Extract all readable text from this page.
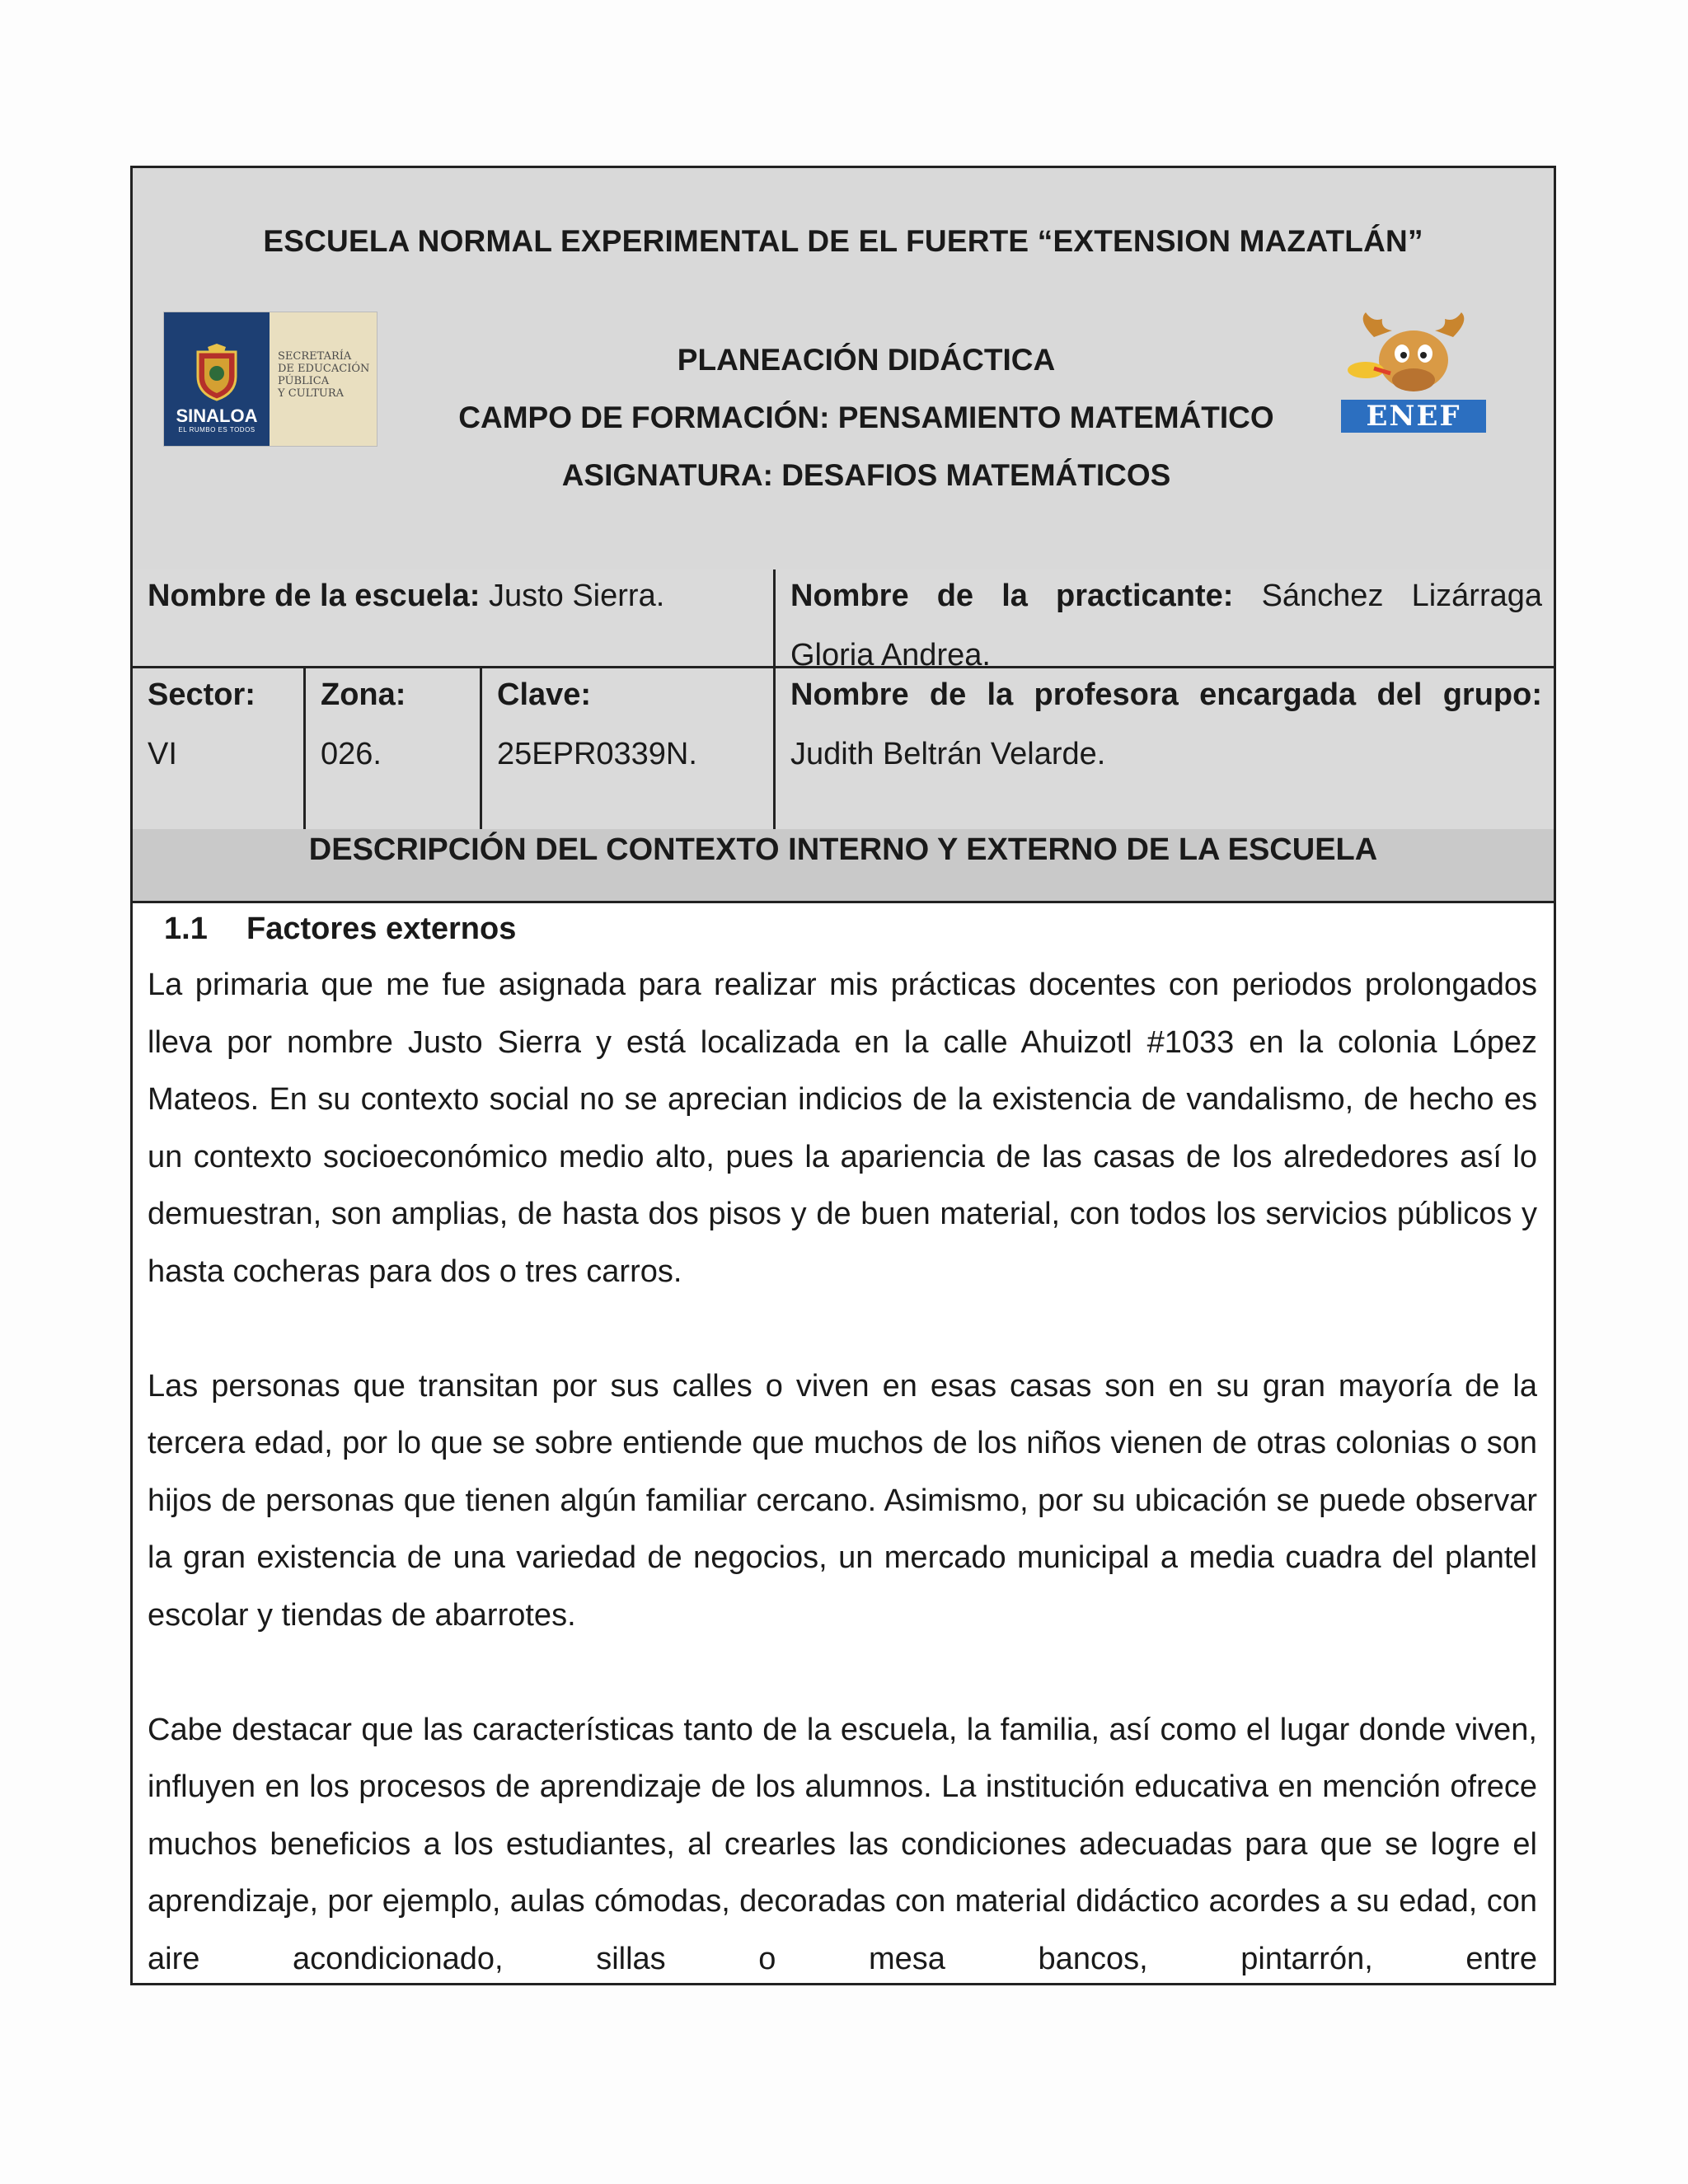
ESCUELA NORMAL EXPERIMENTAL DE EL FUERTE “EXTENSION MAZATLÁN”
SINALOA
EL RUMBO ES TODOS
SECRETARÍA
DE EDUCACIÓN
PÚBLICA
Y CULTURA
PLANEACIÓN DIDÁCTICA
CAMPO DE FORMACIÓN: PENSAMIENTO MATEMÁTICO
ASIGNATURA: DESAFIOS MATEMÁTICOS
ENEF
Nombre de la escuela: Justo Sierra.	Nombre de la practicante: Sánchez Lizárraga
Gloria Andrea.
Sector:
VI
Zona:
026.
Clave:
25EPR0339N.
Nombre de la profesora encargada del grupo:
Judith Beltrán Velarde.
DESCRIPCIÓN DEL CONTEXTO INTERNO Y EXTERNO DE LA ESCUELA
1.1 Factores externos

La primaria que me fue asignada para realizar mis prácticas docentes con periodos prolongados lleva por nombre Justo Sierra y está localizada en la calle Ahuizotl #1033 en la colonia López Mateos. En su contexto social no se aprecian indicios de la existencia de vandalismo, de hecho es un contexto socioeconómico medio alto, pues la apariencia de las casas de los alrededores así lo demuestran, son amplias, de hasta dos pisos y de buen material, con todos los servicios públicos y hasta cocheras para dos o tres carros.

Las personas que transitan por sus calles o viven en esas casas son en su gran mayoría de la tercera edad, por lo que se sobre entiende que muchos de los niños vienen de otras colonias o son hijos de personas que tienen algún familiar cercano. Asimismo, por su ubicación se puede observar la gran existencia de una variedad de negocios, un mercado municipal a media cuadra del plantel escolar y tiendas de abarrotes.

Cabe destacar que las características tanto de la escuela, la familia, así como el lugar donde viven, influyen en los procesos de aprendizaje de los alumnos. La institución educativa en mención ofrece muchos beneficios a los estudiantes, al crearles las condiciones adecuadas para que se logre el aprendizaje, por ejemplo, aulas cómodas, decoradas con material didáctico acordes a su edad, con aire acondicionado, sillas o mesa bancos, pintarrón, entre
